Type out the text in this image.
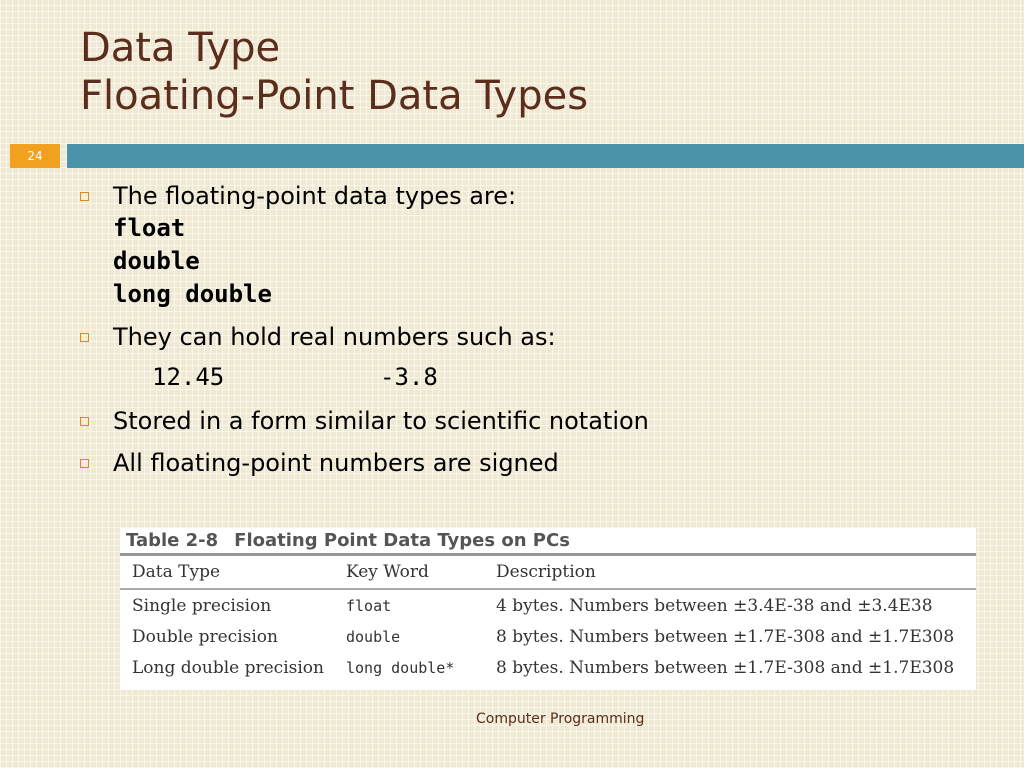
Data Type
Floating-Point Data Types
24
The floating-point data types are:
float
double
long double
They can hold real numbers such as:
12.45	-3.8
Stored in a form similar to scientific notation
All floating-point numbers are signed
Table 2-8 Floating Point Data Types on PCs
Data Type	Key Word	Description
Single precision	float	4 bytes. Numbers between ±3.4E-38 and ±3.4E38
Double precision	double	8 bytes. Numbers between ±1.7E-308 and ±1.7E308
Long double precision	long double*	8 bytes. Numbers between ±1.7E-308 and ±1.7E308
Computer Programming
